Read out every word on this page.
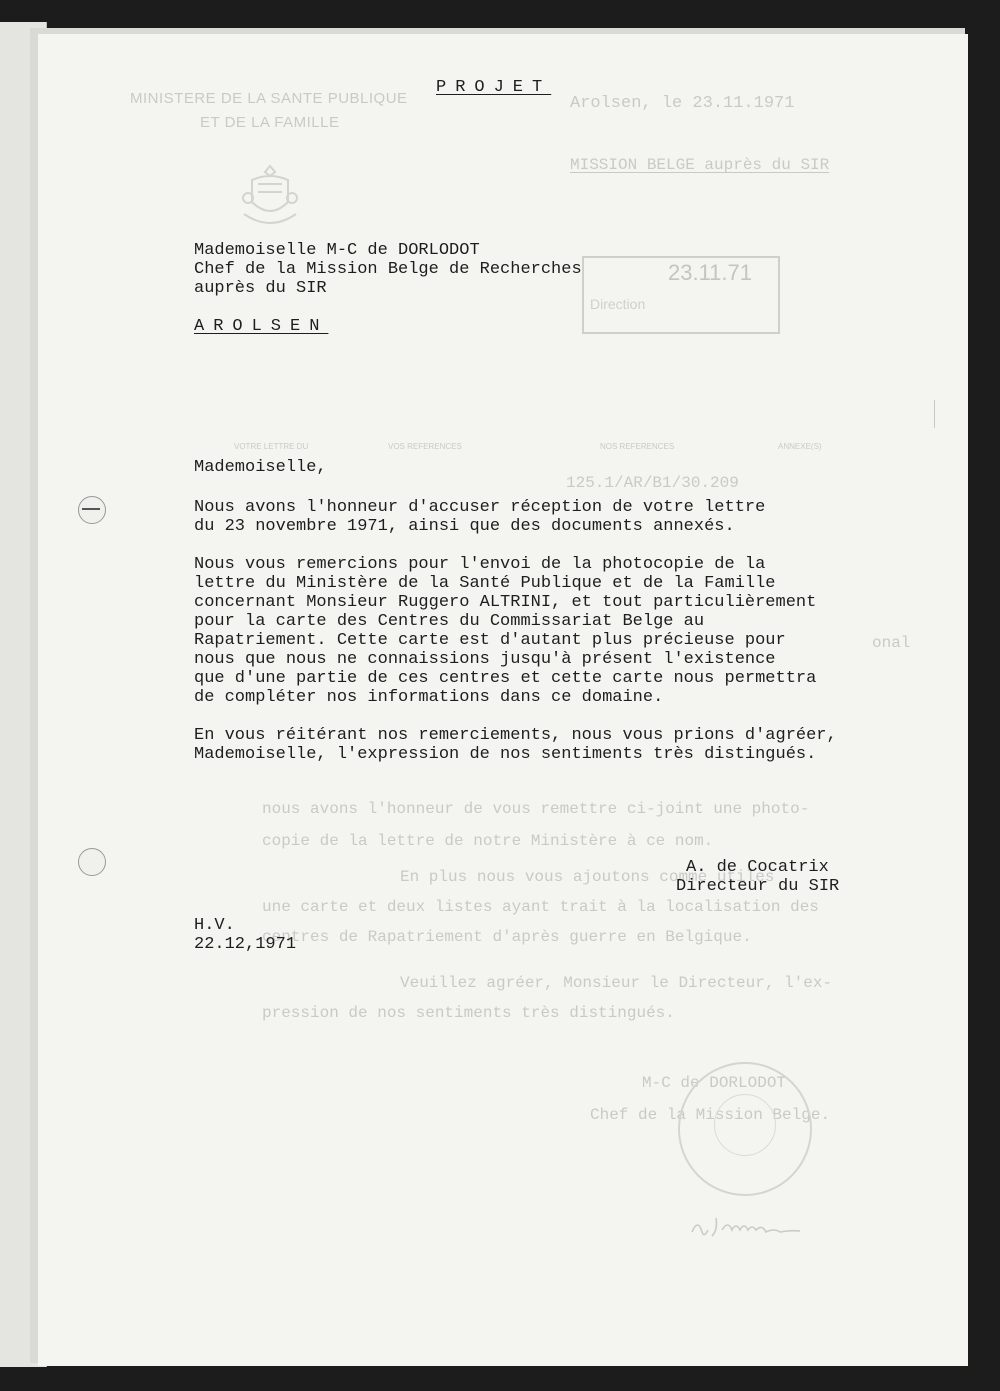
MINISTERE DE LA SANTE PUBLIQUE
ET DE LA FAMILLE
Arolsen, le 23.11.1971
MISSION BELGE auprès du SIR
23.11.71
Direction
VOTRE LETTRE DU	VOS REFERENCES	NOS REFERENCES	ANNEXE(S)
125.1/AR/B1/30.209
onal
nous avons l'honneur de vous remettre ci-joint une photo-
copie de la lettre de notre Ministère à ce nom.
En plus nous vous ajoutons comme utiles
une carte et deux listes ayant trait à la localisation des
centres de Rapatriement d'après guerre en Belgique.
Veuillez agréer, Monsieur le Directeur, l'ex-
pression de nos sentiments très distingués.
M-C de DORLODOT
Chef de la Mission Belge.
PROJET
Mademoiselle M-C de DORLODOT
Chef de la Mission Belge de Recherches
auprès du SIR
AROLSEN
Mademoiselle,
Nous avons l'honneur d'accuser réception de votre lettre
du 23 novembre 1971, ainsi que des documents annexés.
Nous vous remercions pour l'envoi de la photocopie de la
lettre du Ministère de la Santé Publique et de la Famille
concernant Monsieur Ruggero ALTRINI, et tout particulièrement
pour la carte des Centres du Commissariat Belge au
Rapatriement. Cette carte est d'autant plus précieuse pour
nous que nous ne connaissions jusqu'à présent l'existence
que d'une partie de ces centres et cette carte nous permettra
de compléter nos informations dans ce domaine.
En vous réitérant nos remerciements, nous vous prions d'agréer,
Mademoiselle, l'expression de nos sentiments très distingués.
A. de Cocatrix
Directeur du SIR
H.V.
22.12,1971
